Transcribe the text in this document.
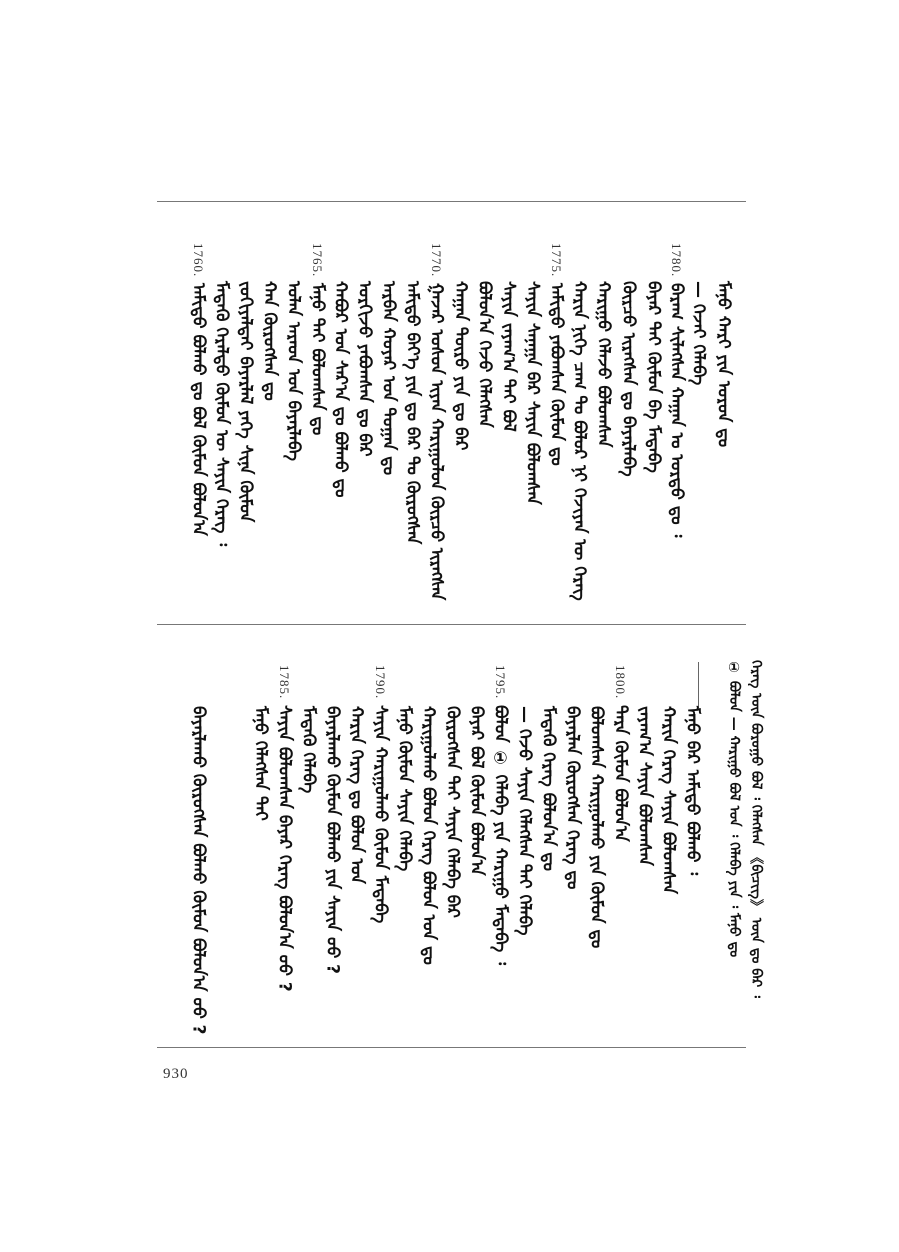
ᠮᠠᠨᠤ ᠬᠠᠷᠢ ᠶᠢᠨ ᠣᠷᠣᠨ ᠳᠤ
— ᠭᠡᠵᠡᠢ ᠬᠡᠯᠡᠪᠡ
1780.
ᠪᠠᠷᠠᠭ ᠰᠢᠯᠡᠭᠰᠡᠨ ᠬᠠᠭᠠᠨ ᠤ ᠣᠷᠳᠣ ᠳᠤ ᠄
ᠪᠠᠶᠠᠷ ᠲᠠᠢ ᠬᠦᠮᠦᠨ ᠪᠡ ᠮᠡᠳᠡᠪᠡ
ᠬᠦᠷᠴᠦ ᠢᠷᠡᠭᠰᠡᠨ ᠳᠤ ᠪᠠᠶᠠᠷᠯᠠᠪᠠ
ᠬᠠᠷᠢᠭᠤ ᠬᠡᠯᠡᠵᠦ ᠪᠣᠯᠤᠭᠰᠠᠨ
ᠬᠠᠷᠢᠨ ᠨᠢᠭᠡ ᠴᠠᠭ ᠲᠤ ᠪᠣᠯᠤᠷ ᠨᠢ ᠬᠡᠵᠢᠶᠡᠨ ᠦ ᠬᠡᠷᠡᠭ
1775.
ᠠᠮᠢᠳᠤ ᠶᠠᠪᠤᠭᠰᠠᠨ ᠬᠦᠮᠦᠨ ᠳᠤ
ᠰᠠᠶᠢᠨ ᠰᠠᠨᠠᠭᠠ ᠪᠠᠷ ᠰᠠᠶᠢᠨ ᠪᠣᠯᠤᠭᠰᠠᠨ
ᠰᠠᠶᠢᠨ ᠵᠠᠶᠠᠭ᠎ᠠ ᠲᠠᠢ ᠪᠣᠯ
ᠪᠣᠯᠤᠨ᠎ᠠ ᠭᠡᠵᠦ ᠬᠡᠯᠡᠭᠰᠡᠨ
ᠬᠠᠭᠠᠨ ᠲᠦᠷᠦ ᠶᠢᠨ ᠳᠤ ᠪᠠᠷ
1770.
ᠭᠠᠵᠠᠷ ᠤᠰᠤᠨ ᠢᠶᠠᠨ ᠬᠠᠷᠢᠭᠤᠯᠤᠨ ᠬᠦᠷᠴᠦ ᠢᠷᠡᠭᠰᠡᠨ
ᠠᠮᠢᠳᠤ ᠪᠡᠶ᠎ᠡ ᠶᠢᠨ ᠳᠤ ᠪᠠᠷ ᠲᠤ ᠬᠦᠷᠦᠭᠰᠡᠨ
ᠠᠷᠪᠠᠨ ᠬᠣᠶᠠᠷ ᠣᠨ ᠲᠣᠭᠠᠨ ᠳᠤ
ᠣᠷᠬᠢᠵᠦ ᠶᠠᠪᠤᠭᠰᠠᠨ ᠳᠤ ᠪᠠᠷ
ᠬᠠᠪᠤᠷ ᠤᠨ ᠰᠠᠷ᠎ᠠ ᠳᠤ ᠪᠣᠯᠬᠣ ᠳᠤ
1765.
ᠮᠠᠨᠤ ᠲᠠᠢ ᠪᠣᠯᠤᠭᠰᠠᠨ ᠳᠤ
ᠣᠯᠠᠨ ᠠᠷᠠᠳ ᠤᠨ ᠪᠠᠶᠠᠷᠯᠠᠪᠠ
ᠬᠠᠨ ᠬᠦᠷᠦᠭᠰᠡᠨ ᠳᠤ
ᠵᠣᠬᠢᠶᠠᠯᠲᠠᠢ ᠪᠠᠶᠠᠷᠯᠠᠯ ᠶᠡᠬᠡ ᠰᠢᠨᠡ ᠬᠦᠮᠦᠨ
ᠮᠡᠳᠡᠬᠦ ᠭᠡᠷᠡᠯᠲᠦ ᠬᠦᠮᠦᠨ ᠦ ᠰᠠᠶᠢᠨ ᠬᠡᠷᠡᠭ ᠄
1760.
ᠠᠮᠢᠳᠤ ᠪᠣᠯᠬᠣ ᠳᠤ ᠪᠣᠯ ᠬᠦᠮᠦᠨ ᠪᠣᠯᠤᠨ᠎ᠠ
ᠬᠡᠷᠡᠭ ᠦᠨ ᠪᠤᠷᠣᠭᠤ ᠪᠣᠯ ᠄ ᠬᠡᠯᠡᠭᠰᠡᠨ 《ᠪᠢᠴᠢᠭ》 ᠦᠨ ᠳᠤ ᠪᠡᠷ ᠄
① ᠪᠣᠯᠤᠨ — ᠬᠠᠷᠢᠭᠤ ᠪᠣᠯ ᠣᠨ ᠄ ᠬᠡᠯᠡᠪᠡ ᠶᠢᠨ ᠄ ᠮᠠᠨᠤ ᠳᠤ
ᠮᠠᠨᠤ ᠪᠠᠷ ᠠᠮᠢᠳᠤ ᠪᠣᠯᠬᠣ ᠄
ᠬᠠᠷᠢᠨ ᠬᠡᠷᠡᠭ ᠰᠠᠶᠢᠨ ᠪᠣᠯᠤᠭᠰᠠᠨ
ᠵᠠᠶᠠᠭ᠎ᠠ ᠰᠠᠶᠢᠨ ᠪᠣᠯᠤᠭᠰᠠᠨ
1800.
ᠲᠡᠷᠡ ᠬᠦᠮᠦᠨ ᠪᠣᠯᠤᠨ᠎ᠠ
ᠪᠣᠯᠣᠭᠰᠠᠨ ᠬᠠᠷᠢᠭᠤᠯᠬᠤ ᠶᠢᠨ ᠬᠦᠮᠦᠨ ᠳᠤ
ᠪᠠᠶᠠᠷᠯᠠᠨ ᠬᠦᠷᠦᠭᠰᠡᠨ ᠬᠡᠷᠡᠭ ᠳᠤ
ᠮᠡᠳᠡᠬᠦ ᠬᠡᠷᠡᠭ ᠪᠣᠯᠤᠨ᠎ᠠ ᠳᠤ
— ᠭᠡᠵᠦ ᠰᠠᠶᠢᠨ ᠬᠡᠯᠡᠭᠰᠡᠨ ᠲᠠᠢ ᠬᠡᠯᠡᠪᠡ
1795.
ᠪᠣᠯᠤᠨ ① ᠬᠡᠯᠡᠪᠡ ᠶᠢᠨ ᠬᠠᠷᠢᠭᠤ ᠮᠡᠳᠡᠪᠡ ᠄
ᠪᠠᠶᠠᠷ ᠪᠣᠯ ᠬᠦᠮᠦᠨ ᠪᠣᠯᠤᠨ᠎ᠠ
ᠬᠦᠷᠦᠭᠰᠡᠨ ᠲᠠᠢ ᠰᠠᠶᠢᠨ ᠬᠡᠯᠡᠪᠡ ᠪᠠᠷ
ᠬᠠᠷᠢᠭᠤᠯᠬᠤ ᠪᠣᠯᠤᠨ ᠬᠡᠷᠡᠭ ᠪᠣᠯᠤᠨ ᠣᠨ ᠳᠤ
ᠮᠠᠨᠤ ᠬᠦᠮᠦᠨ ᠰᠠᠶᠢᠨ ᠬᠡᠯᠡᠪᠡ
1790.
ᠰᠠᠶᠢᠨ ᠬᠠᠷᠢᠭᠤᠯᠬᠤ ᠬᠦᠮᠦᠨ ᠮᠡᠳᠡᠪᠡ
ᠬᠠᠷᠢᠨ ᠬᠡᠷᠡᠭ ᠳᠤ ᠪᠣᠯᠤᠨ ᠤᠨ
ᠪᠠᠶᠠᠷᠯᠠᠬᠤ ᠬᠦᠮᠦᠨ ᠪᠣᠯᠬᠣ ᠶᠢᠨ ᠰᠠᠶᠢᠨ ᠤᠤ ?
ᠮᠡᠳᠡᠬᠦ ᠬᠡᠯᠡᠪᠡ
1785.
ᠰᠠᠶᠢᠨ ᠪᠣᠯᠤᠭᠰᠠᠨ ᠪᠠᠶᠠᠷ ᠬᠡᠷᠡᠭ ᠪᠣᠯᠤᠨ᠎ᠠ ᠤᠤ ?
ᠮᠠᠨᠤ ᠬᠡᠯᠡᠭᠰᠡᠨ ᠲᠠᠢ
ᠪᠠᠶᠠᠷᠯᠠᠬᠤ ᠬᠦᠷᠦᠭᠰᠡᠨ ᠪᠣᠯᠬᠣ ᠬᠦᠮᠦᠨ ᠪᠣᠯᠤᠨ᠎ᠠ ᠤᠤ ?
930
